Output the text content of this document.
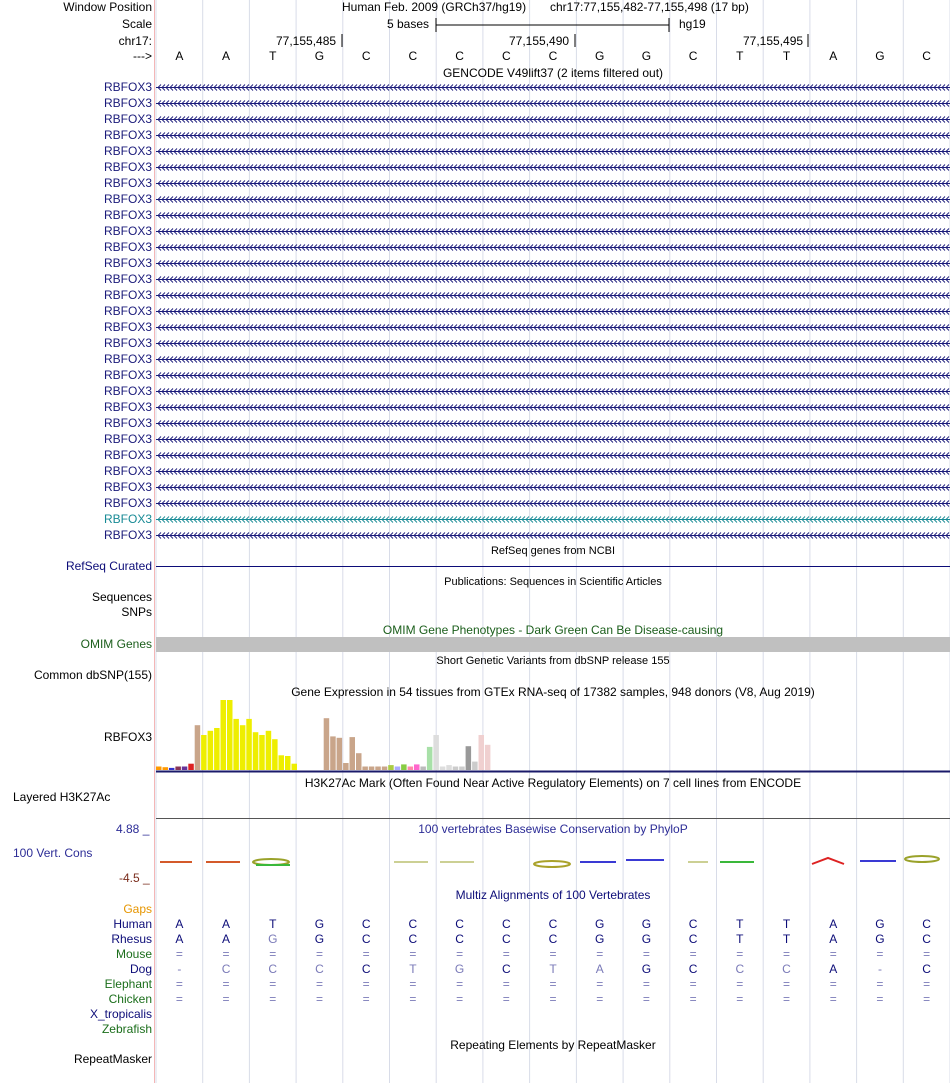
Window Position	Human Feb. 2009 (GRCh37/hg19) chr17:77,155,482-77,155,498 (17 bp)
Scale	5 bases	hg19
chr17:	77,155,485	77,155,490	77,155,495
--->	A	A	T	G	C	C	C	C	C	G	G	C	T	T	A	G	C
GENCODE V49lift37 (2 items filtered out)
RBFOX3
RBFOX3
RBFOX3
RBFOX3
RBFOX3
RBFOX3
RBFOX3
RBFOX3
RBFOX3
RBFOX3
RBFOX3
RBFOX3
RBFOX3
RBFOX3
RBFOX3
RBFOX3
RBFOX3
RBFOX3
RBFOX3
RBFOX3
RBFOX3
RBFOX3
RBFOX3
RBFOX3
RBFOX3
RBFOX3
RBFOX3
RBFOX3
RBFOX3
RefSeq genes from NCBI
RefSeq Curated
Publications: Sequences in Scientific Articles
Sequences
SNPs
OMIM Gene Phenotypes - Dark Green Can Be Disease-causing
OMIM Genes
Short Genetic Variants from dbSNP release 155
Common dbSNP(155)
Gene Expression in 54 tissues from GTEx RNA-seq of 17382 samples, 948 donors (V8, Aug 2019)
RBFOX3
H3K27Ac Mark (Often Found Near Active Regulatory Elements) on 7 cell lines from ENCODE
Layered H3K27Ac
100 vertebrates Basewise Conservation by PhyloP
4.88 _
100 Vert. Cons
-4.5 _
Multiz Alignments of 100 Vertebrates
Gaps
Human	A	A	T	G	C	C	C	C	C	G	G	C	T	T	A	G	C
Rhesus	A	A	G	G	C	C	C	C	C	G	G	C	T	T	A	G	C
Mouse	=	=	=	=	=	=	=	=	=	=	=	=	=	=	=	=	=
Dog	-	C	C	C	C	T	G	C	T	A	G	C	C	C	A	-	C
Elephant	=	=	=	=	=	=	=	=	=	=	=	=	=	=	=	=	=
Chicken	=	=	=	=	=	=	=	=	=	=	=	=	=	=	=	=	=
X_tropicalis
Zebrafish
Repeating Elements by RepeatMasker
RepeatMasker
